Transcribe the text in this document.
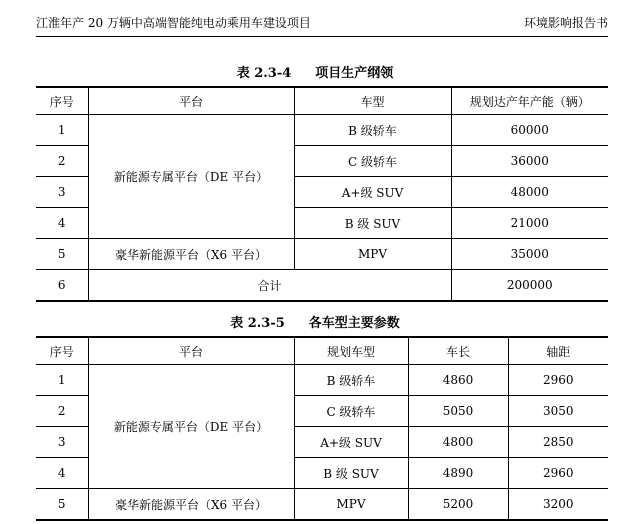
江淮年产 20 万辆中高端智能纯电动乘用车建设项目	环境影响报告书
表 2.3-4 项目生产纲领
序号	平台	车型	规划达产年产能（辆）
1	新能源专属平台（DE 平台）	B 级轿车	60000
2		C 级轿车	36000
3		A+级 SUV	48000
4		B 级 SUV	21000
5	豪华新能源平台（X6 平台）	MPV	35000
6	合计		200000
表 2.3-5 各车型主要参数
序号	平台	规划车型	车长	轴距
1	新能源专属平台（DE 平台）	B 级轿车	4860	2960
2		C 级轿车	5050	3050
3		A+级 SUV	4800	2850
4		B 级 SUV	4890	2960
5	豪华新能源平台（X6 平台）	MPV	5200	3200
